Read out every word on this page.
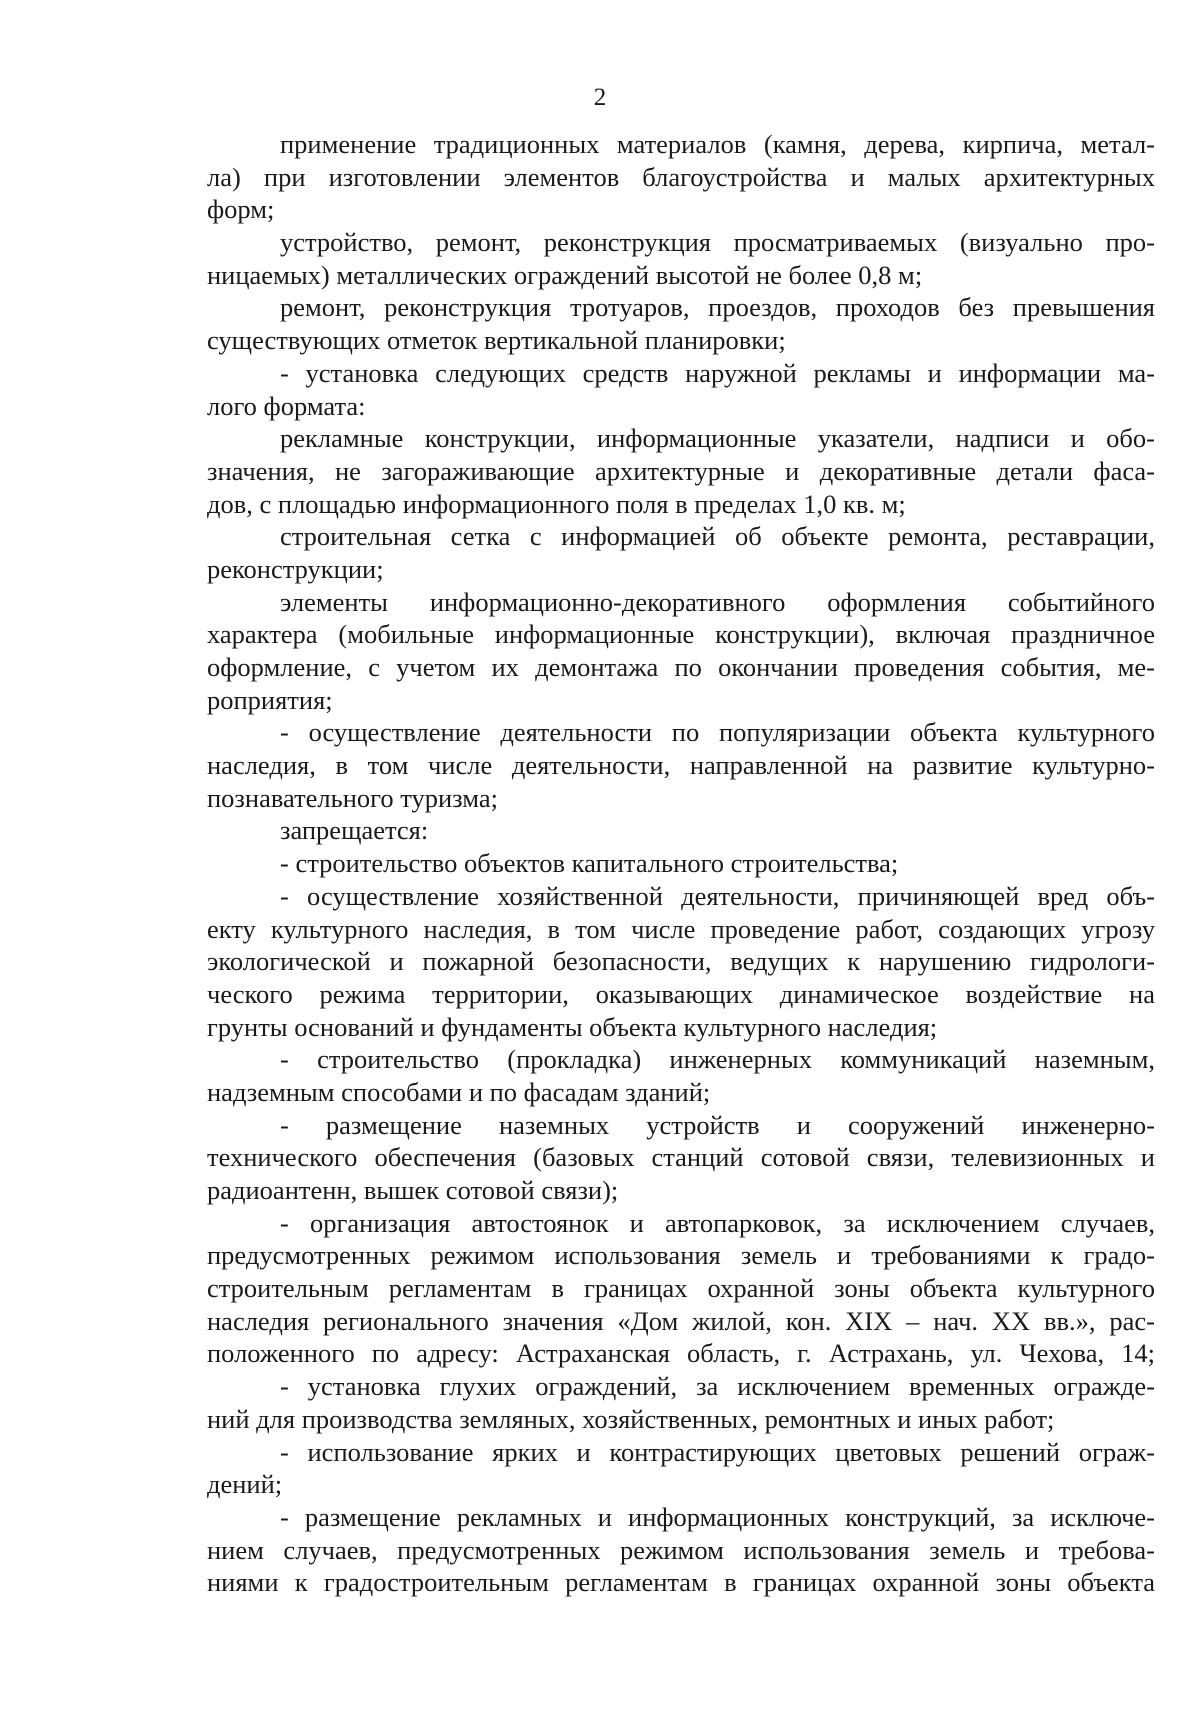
2
применение традиционных материалов (камня, дерева, кирпича, метал-
ла) при изготовлении элементов благоустройства и малых архитектурных
форм;
устройство, ремонт, реконструкция просматриваемых (визуально про-
ницаемых) металлических ограждений высотой не более 0,8 м;
ремонт, реконструкция тротуаров, проездов, проходов без превышения
существующих отметок вертикальной планировки;
- установка следующих средств наружной рекламы и информации ма-
лого формата:
рекламные конструкции, информационные указатели, надписи и обо-
значения, не загораживающие архитектурные и декоративные детали фаса-
дов, с площадью информационного поля в пределах 1,0 кв. м;
строительная сетка с информацией об объекте ремонта, реставрации,
реконструкции;
элементы информационно-декоративного оформления событийного
характера (мобильные информационные конструкции), включая праздничное
оформление, с учетом их демонтажа по окончании проведения события, ме-
роприятия;
- осуществление деятельности по популяризации объекта культурного
наследия, в том числе деятельности, направленной на развитие культурно-
познавательного туризма;
запрещается:
- строительство объектов капитального строительства;
- осуществление хозяйственной деятельности, причиняющей вред объ-
екту культурного наследия, в том числе проведение работ, создающих угрозу
экологической и пожарной безопасности, ведущих к нарушению гидрологи-
ческого режима территории, оказывающих динамическое воздействие на
грунты оснований и фундаменты объекта культурного наследия;
- строительство (прокладка) инженерных коммуникаций наземным,
надземным способами и по фасадам зданий;
- размещение наземных устройств и сооружений инженерно-
технического обеспечения (базовых станций сотовой связи, телевизионных и
радиоантенн, вышек сотовой связи);
- организация автостоянок и автопарковок, за исключением случаев,
предусмотренных режимом использования земель и требованиями к градо-
строительным регламентам в границах охранной зоны объекта культурного
наследия регионального значения «Дом жилой, кон. XIX – нач. XX вв.», рас-
положенного по адресу: Астраханская область, г. Астрахань, ул. Чехова, 14;
- установка глухих ограждений, за исключением временных огражде-
ний для производства земляных, хозяйственных, ремонтных и иных работ;
- использование ярких и контрастирующих цветовых решений ограж-
дений;
- размещение рекламных и информационных конструкций, за исключе-
нием случаев, предусмотренных режимом использования земель и требова-
ниями к градостроительным регламентам в границах охранной зоны объекта
